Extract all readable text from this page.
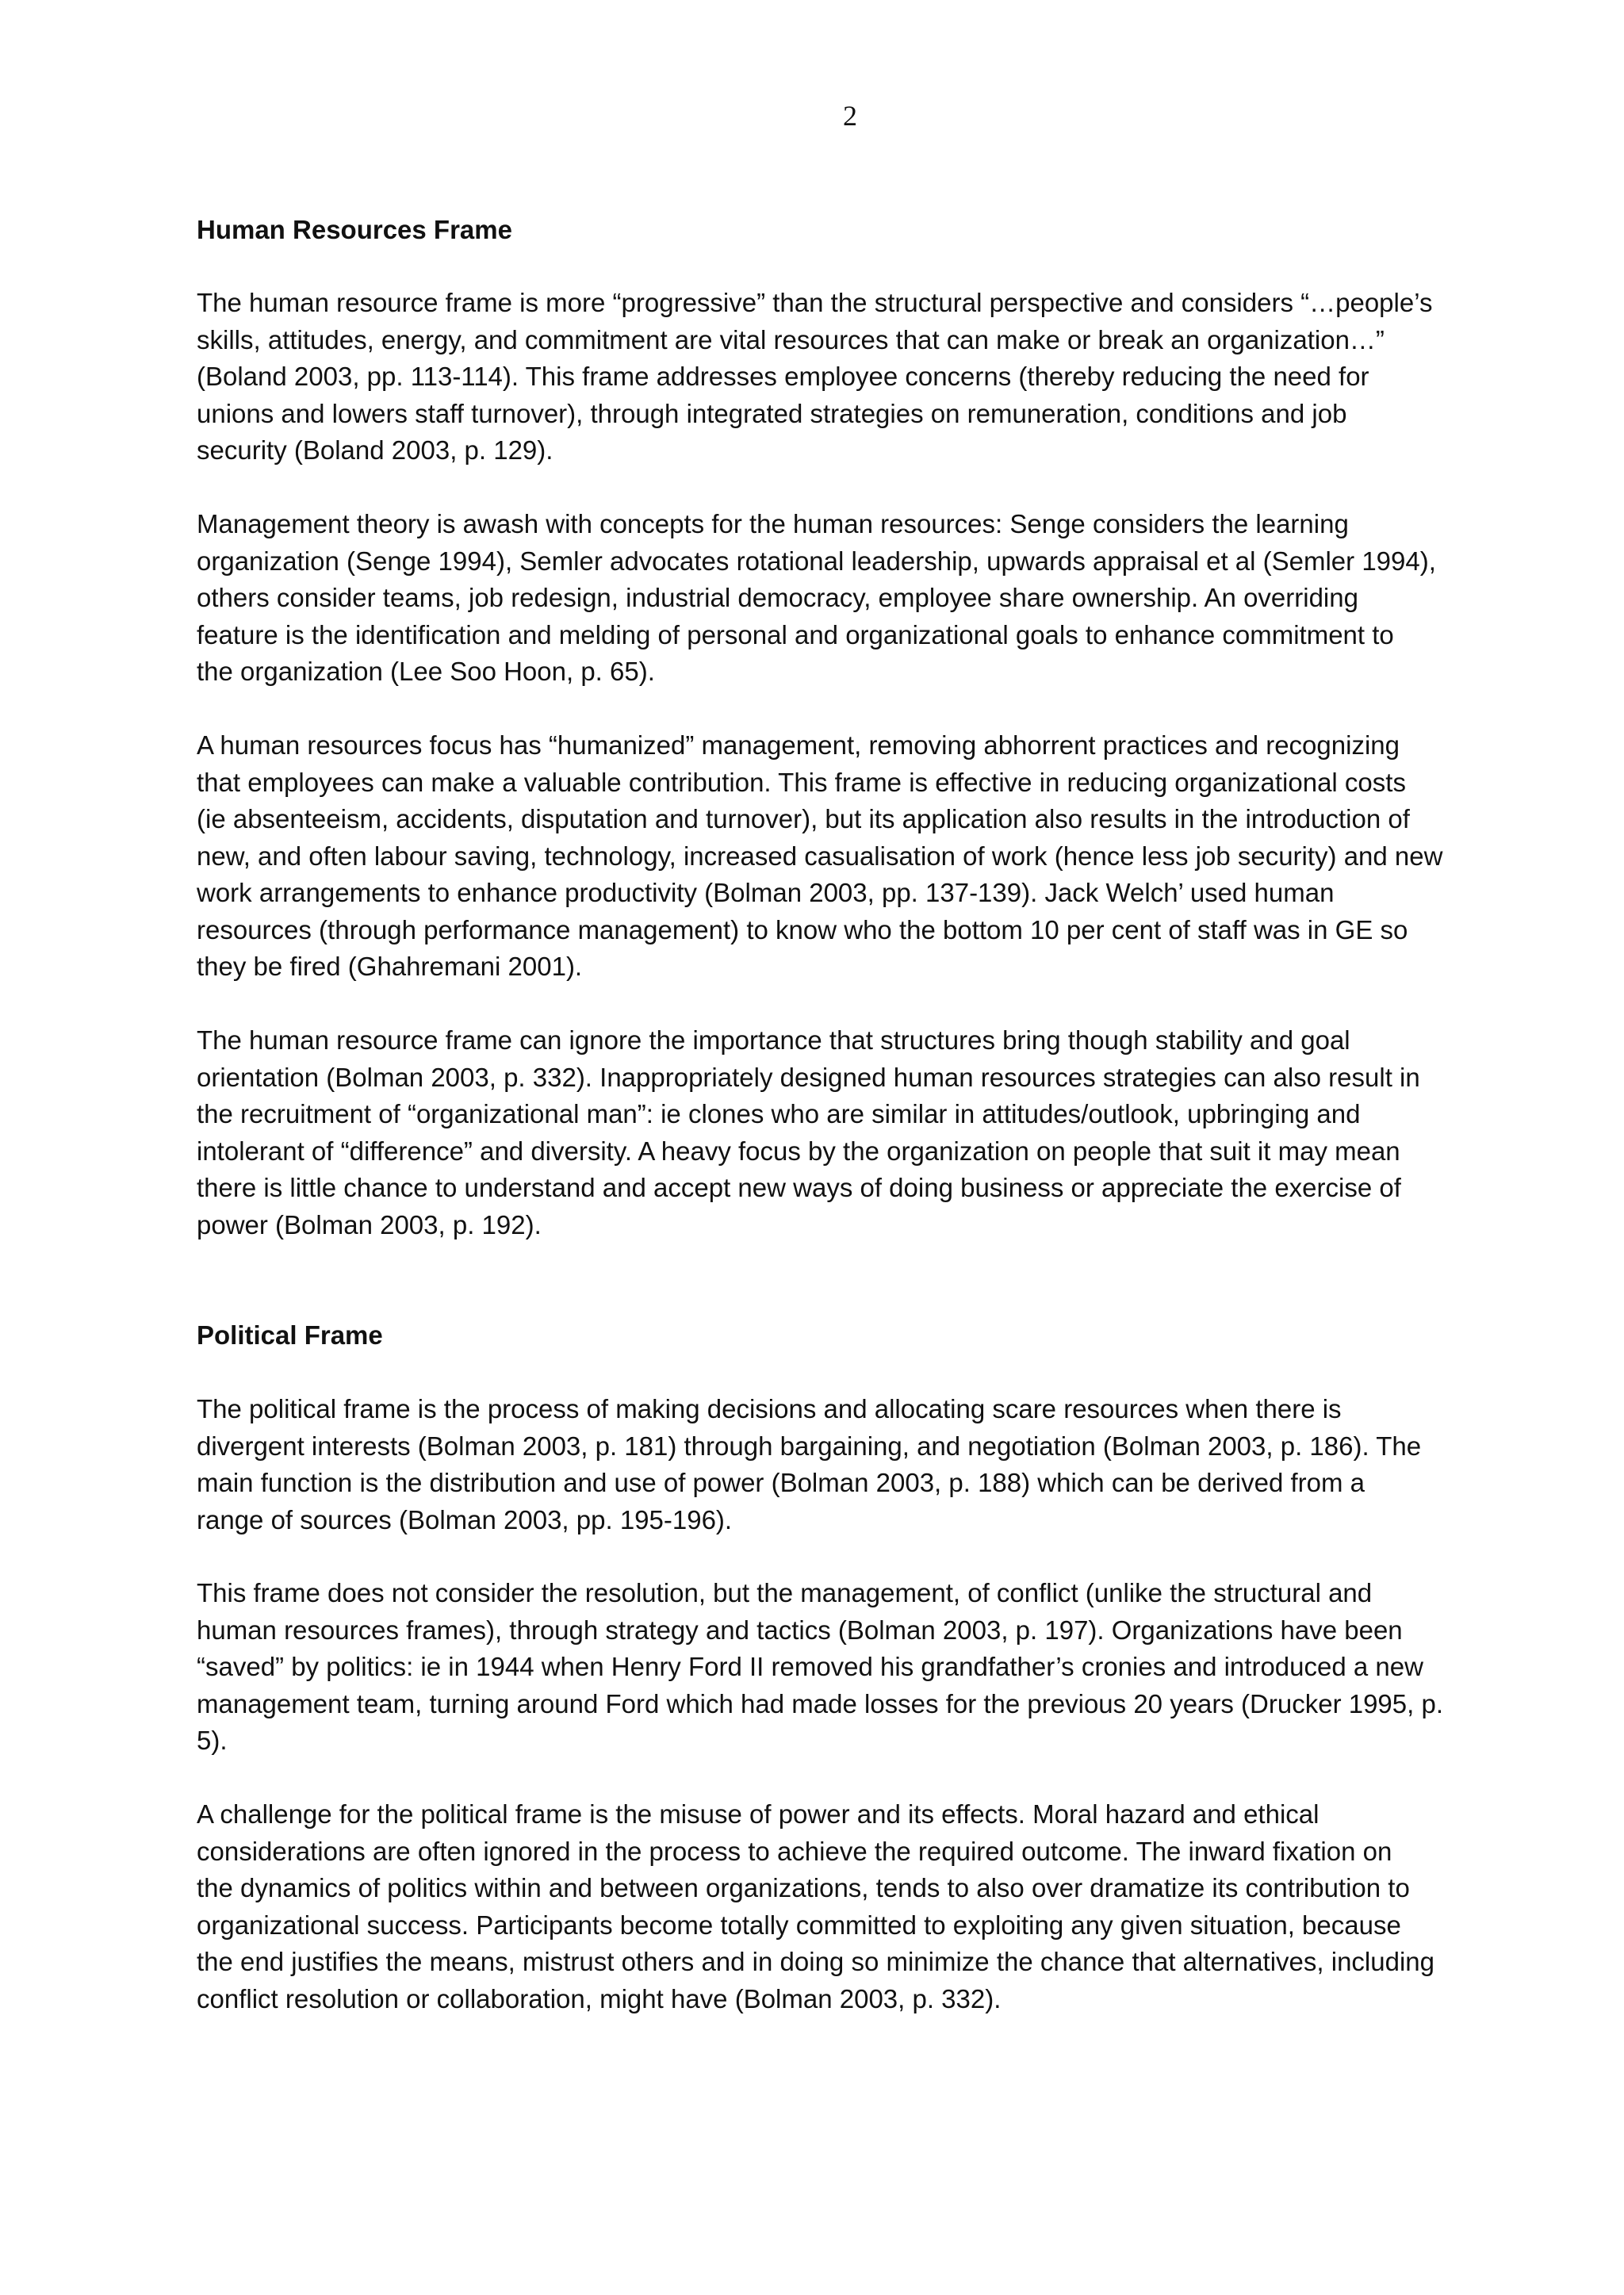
2
Human Resources Frame

The human resource frame is more “progressive” than the structural perspective and considers “…people’s
skills, attitudes, energy, and commitment are vital resources that can make or break an organization…”
(Boland 2003, pp. 113-114). This frame addresses employee concerns (thereby reducing the need for
unions and lowers staff turnover), through integrated strategies on remuneration, conditions and job
security (Boland 2003, p. 129).

Management theory is awash with concepts for the human resources: Senge considers the learning
organization (Senge 1994), Semler advocates rotational leadership, upwards appraisal et al (Semler 1994),
others consider teams, job redesign, industrial democracy, employee share ownership. An overriding
feature is the identification and melding of personal and organizational goals to enhance commitment to
the organization (Lee Soo Hoon, p. 65).

A human resources focus has “humanized” management, removing abhorrent practices and recognizing
that employees can make a valuable contribution. This frame is effective in reducing organizational costs
(ie absenteeism, accidents, disputation and turnover), but its application also results in the introduction of
new, and often labour saving, technology, increased casualisation of work (hence less job security) and new
work arrangements to enhance productivity (Bolman 2003, pp. 137-139). Jack Welch’ used human
resources (through performance management) to know who the bottom 10 per cent of staff was in GE so
they be fired (Ghahremani 2001).

The human resource frame can ignore the importance that structures bring though stability and goal
orientation (Bolman 2003, p. 332). Inappropriately designed human resources strategies can also result in
the recruitment of “organizational man”: ie clones who are similar in attitudes/outlook, upbringing and
intolerant of “difference” and diversity. A heavy focus by the organization on people that suit it may mean
there is little chance to understand and accept new ways of doing business or appreciate the exercise of
power (Bolman 2003, p. 192).

Political Frame

The political frame is the process of making decisions and allocating scare resources when there is
divergent interests (Bolman 2003, p. 181) through bargaining, and negotiation (Bolman 2003, p. 186). The
main function is the distribution and use of power (Bolman 2003, p. 188) which can be derived from a
range of sources (Bolman 2003, pp. 195-196).

This frame does not consider the resolution, but the management, of conflict (unlike the structural and
human resources frames), through strategy and tactics (Bolman 2003, p. 197). Organizations have been
“saved” by politics: ie in 1944 when Henry Ford II removed his grandfather’s cronies and introduced a new
management team, turning around Ford which had made losses for the previous 20 years (Drucker 1995, p.
5).

A challenge for the political frame is the misuse of power and its effects. Moral hazard and ethical
considerations are often ignored in the process to achieve the required outcome. The inward fixation on
the dynamics of politics within and between organizations, tends to also over dramatize its contribution to
organizational success. Participants become totally committed to exploiting any given situation, because
the end justifies the means, mistrust others and in doing so minimize the chance that alternatives, including
conflict resolution or collaboration, might have (Bolman 2003, p. 332).
